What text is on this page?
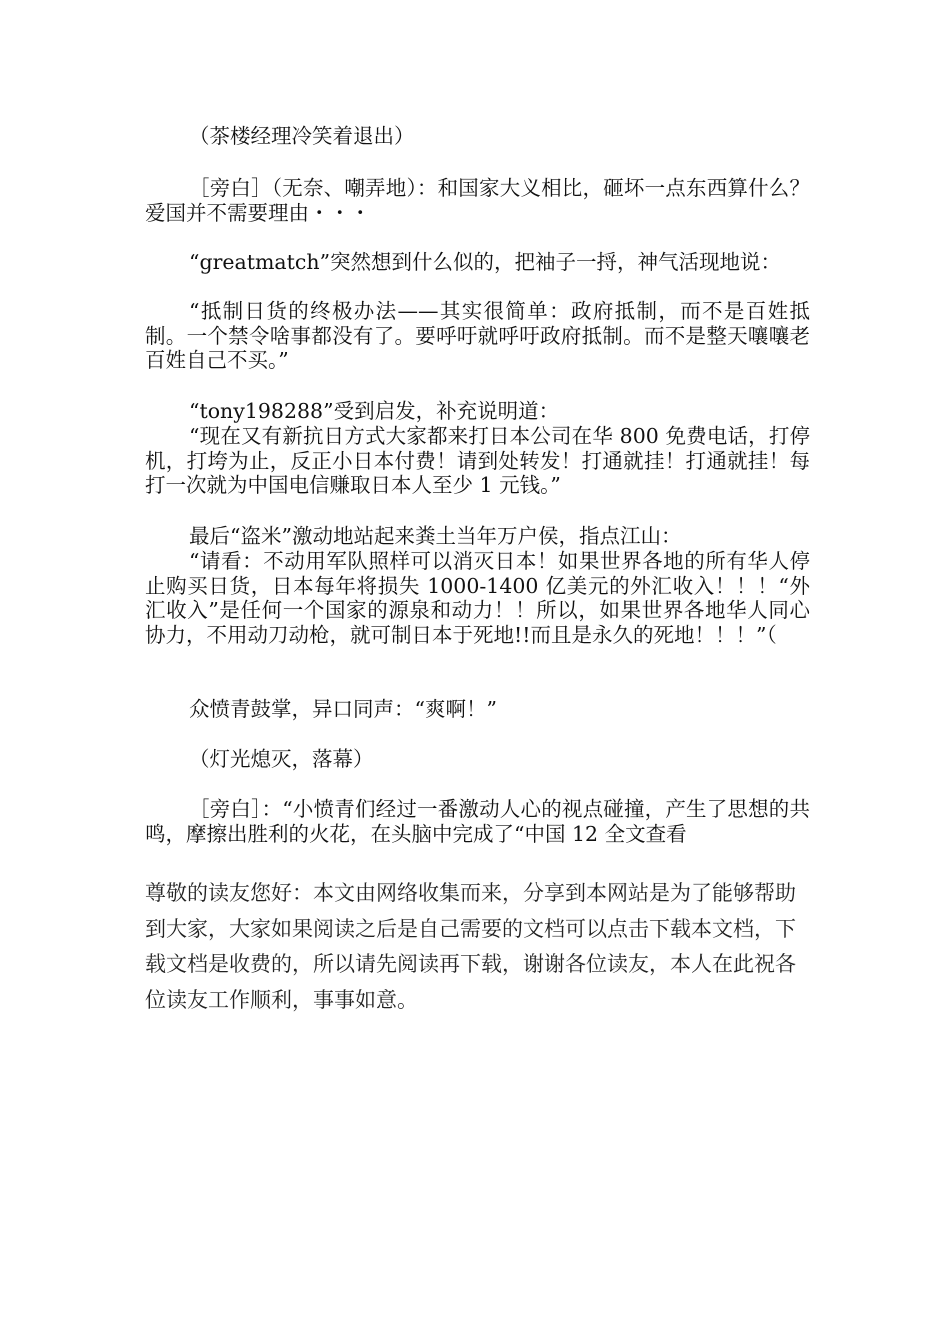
（茶楼经理冷笑着退出）

［旁白］（无奈、嘲弄地）：和国家大义相比，砸坏一点东西算什么？爱国并不需要理由・・・

“greatmatch”突然想到什么似的，把袖子一捋，神气活现地说：

“抵制日货的终极办法——其实很简单：政府抵制，而不是百姓抵制。一个禁令啥事都没有了。要呼吁就呼吁政府抵制。而不是整天嚷嚷老百姓自己不买。”

“tony198288”受到启发，补充说明道：

“现在又有新抗日方式大家都来打日本公司在华 800 免费电话，打停机，打垮为止，反正小日本付费！请到处转发！打通就挂！打通就挂！每打一次就为中国电信赚取日本人至少 1 元钱。”

最后“盗米”激动地站起来粪土当年万户侯，指点江山：

“请看：不动用军队照样可以消灭日本！如果世界各地的所有华人停止购买日货，日本每年将损失 1000-1400 亿美元的外汇收入！！！“外汇收入”是任何一个国家的源泉和动力！！所以，如果世界各地华人同心协力，不用动刀动枪，就可制日本于死地!!而且是永久的死地！！！”（

众愤青鼓掌，异口同声：“爽啊！”

（灯光熄灭，落幕）

［旁白］：“小愤青们经过一番激动人心的视点碰撞，产生了思想的共鸣，摩擦出胜利的火花，在头脑中完成了“中国 12 全文查看

尊敬的读友您好：本文由网络收集而来，分享到本网站是为了能够帮助到大家，大家如果阅读之后是自己需要的文档可以点击下载本文档，下载文档是收费的，所以请先阅读再下载，谢谢各位读友，本人在此祝各位读友工作顺利，事事如意。
